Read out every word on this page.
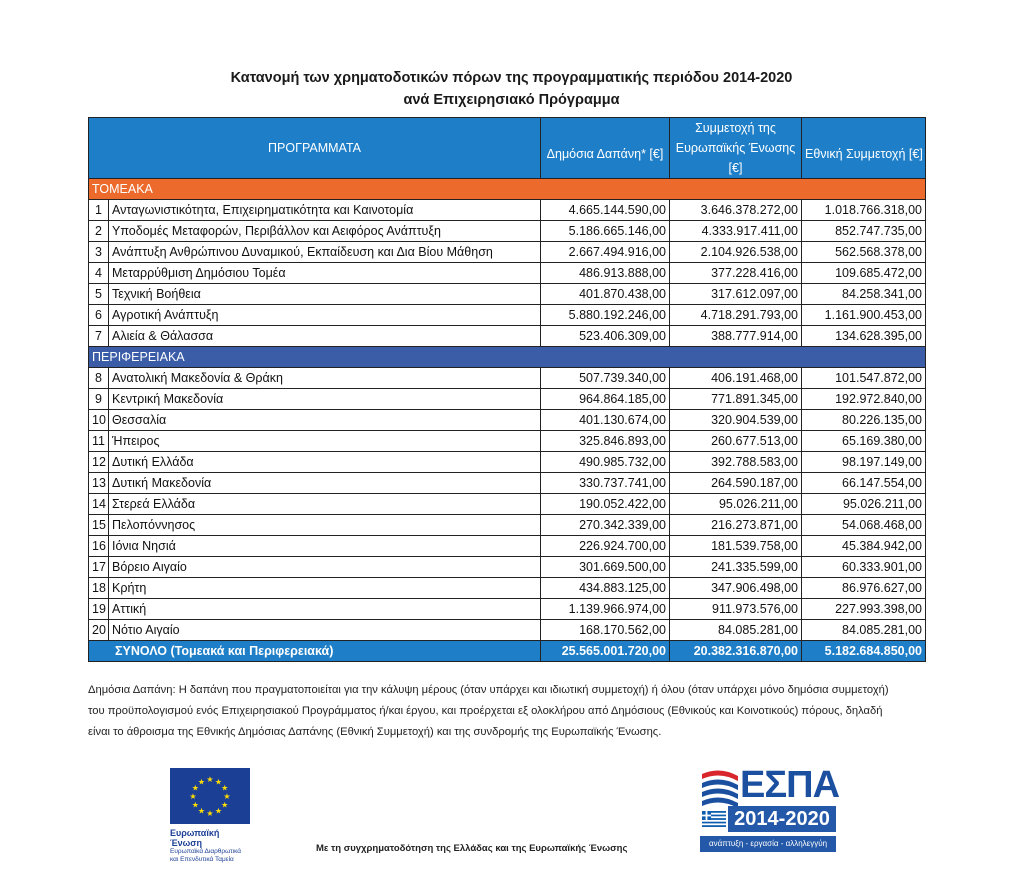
Κατανομή των χρηματοδοτικών πόρων της προγραμματικής περιόδου 2014-2020
ανά Επιχειρησιακό Πρόγραμμα
ΠΡΟΓΡΑΜΜΑΤΑ		Δημόσια Δαπάνη* [€]	Συμμετοχή της
Ευρωπαϊκής Ένωσης
[€]	Εθνική Συμμετοχή [€]
ΤΟΜΕΑΚΑ				
1	Ανταγωνιστικότητα, Επιχειρηματικότητα και Καινοτομία	4.665.144.590,00	3.646.378.272,00	1.018.766.318,00
2	Υποδομές Μεταφορών, Περιβάλλον και Αειφόρος Ανάπτυξη	5.186.665.146,00	4.333.917.411,00	852.747.735,00
3	Ανάπτυξη Ανθρώπινου Δυναμικού, Εκπαίδευση και Δια Βίου Μάθηση	2.667.494.916,00	2.104.926.538,00	562.568.378,00
4	Μεταρρύθμιση Δημόσιου Τομέα	486.913.888,00	377.228.416,00	109.685.472,00
5	Τεχνική Βοήθεια	401.870.438,00	317.612.097,00	84.258.341,00
6	Αγροτική Ανάπτυξη	5.880.192.246,00	4.718.291.793,00	1.161.900.453,00
7	Αλιεία & Θάλασσα	523.406.309,00	388.777.914,00	134.628.395,00
ΠΕΡΙΦΕΡΕΙΑΚΑ				
8	Ανατολική Μακεδονία & Θράκη	507.739.340,00	406.191.468,00	101.547.872,00
9	Κεντρική Μακεδονία	964.864.185,00	771.891.345,00	192.972.840,00
10	Θεσσαλία	401.130.674,00	320.904.539,00	80.226.135,00
11	Ήπειρος	325.846.893,00	260.677.513,00	65.169.380,00
12	Δυτική Ελλάδα	490.985.732,00	392.788.583,00	98.197.149,00
13	Δυτική Μακεδονία	330.737.741,00	264.590.187,00	66.147.554,00
14	Στερεά Ελλάδα	190.052.422,00	95.026.211,00	95.026.211,00
15	Πελοπόννησος	270.342.339,00	216.273.871,00	54.068.468,00
16	Ιόνια Νησιά	226.924.700,00	181.539.758,00	45.384.942,00
17	Βόρειο Αιγαίο	301.669.500,00	241.335.599,00	60.333.901,00
18	Κρήτη	434.883.125,00	347.906.498,00	86.976.627,00
19	Αττική	1.139.966.974,00	911.973.576,00	227.993.398,00
20	Νότιο Αιγαίο	168.170.562,00	84.085.281,00	84.085.281,00
ΣΥΝΟΛΟ (Τομεακά και Περιφερειακά)		25.565.001.720,00	20.382.316.870,00	5.182.684.850,00
Δημόσια Δαπάνη: Η δαπάνη που πραγματοποιείται για την κάλυψη μέρους (όταν υπάρχει και ιδιωτική συμμετοχή) ή όλου (όταν υπάρχει μόνο δημόσια συμμετοχή)
του προϋπολογισμού ενός Επιχειρησιακού Προγράμματος ή/και έργου, και προέρχεται εξ ολοκλήρου από Δημόσιους (Εθνικούς και Κοινοτικούς) πόρους, δηλαδή
είναι το άθροισμα της Εθνικής Δημόσιας Δαπάνης (Εθνική Συμμετοχή) και της συνδρομής της Ευρωπαϊκής Ένωσης.
★ ★
★
★
★
★
★
★
★
★
★
★
Ευρωπαϊκή Ένωση
Ευρωπαϊκά Διαρθρωτικά
και Επενδυτικά Ταμεία
Με τη συγχρηματοδότηση της Ελλάδας και της Ευρωπαϊκής Ένωσης
ΕΣΠΑ
2014-2020
ανάπτυξη - εργασία - αλληλεγγύη
